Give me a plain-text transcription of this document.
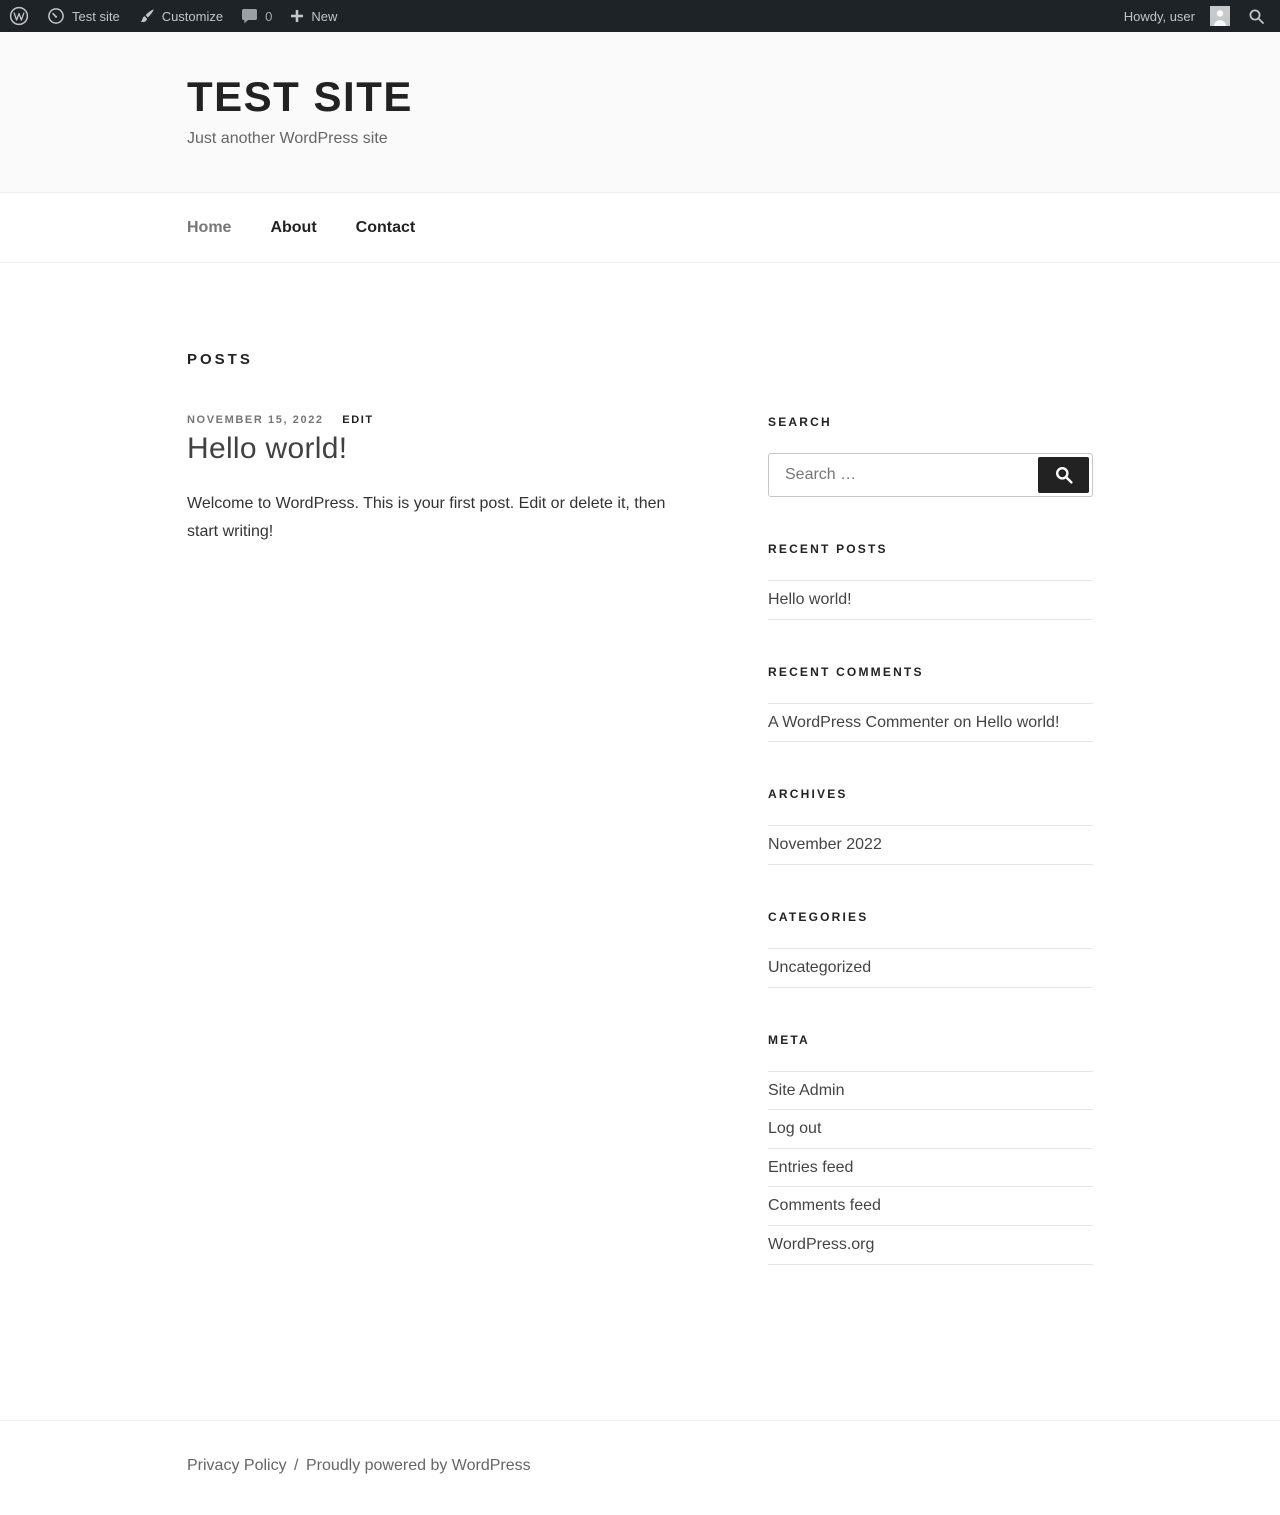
Test site	Customize	0	New	Howdy, user
TEST SITE

Just another WordPress site

Home About Contact
POSTS
NOVEMBER 15, 2022 EDIT
Hello world!

Welcome to WordPress. This is your first post. Edit or delete it, then start writing!

SEARCH
Search …
RECENT POSTS
Hello world!
RECENT COMMENTS
A WordPress Commenter on Hello world!
ARCHIVES
November 2022
CATEGORIES
Uncategorized
META
Site Admin
Log out
Entries feed
Comments feed
WordPress.org
Privacy Policy / Proudly powered by WordPress
